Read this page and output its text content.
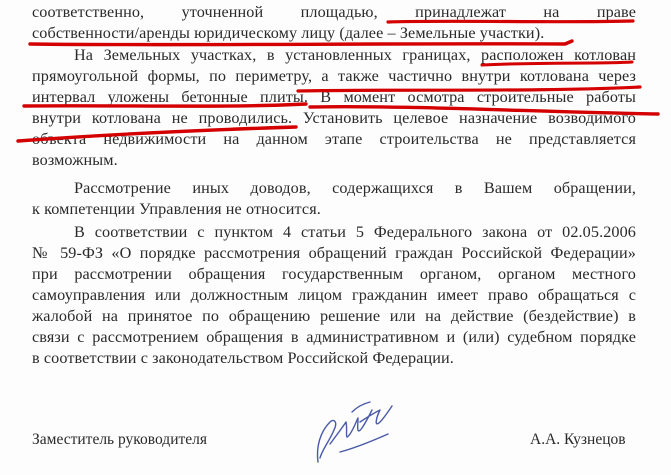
соответственно, уточненной площадью, принадлежат на праве
собственности/аренды юридическому лицу (далее – Земельные участки).
На Земельных участках, в установленных границах, расположен котлован
прямоугольной формы, по периметру, а также частично внутри котлована через
интервал уложены бетонные плиты. В момент осмотра строительные работы
внутри котлована не проводились. Установить целевое назначение возводимого
объекта недвижимости на данном этапе строительства не представляется
возможным.
Рассмотрение иных доводов, содержащихся в Вашем обращении,
к компетенции Управления не относится.
В соответствии с пунктом 4 статьи 5 Федерального закона от 02.05.2006
№ 59-ФЗ «О порядке рассмотрения обращений граждан Российской Федерации»
при рассмотрении обращения государственным органом, органом местного
самоуправления или должностным лицом гражданин имеет право обращаться с
жалобой на принятое по обращению решение или на действие (бездействие) в
связи с рассмотрением обращения в административном и (или) судебном порядке
в соответствии с законодательством Российской Федерации.
Заместитель руководителя	А.А. Кузнецов
